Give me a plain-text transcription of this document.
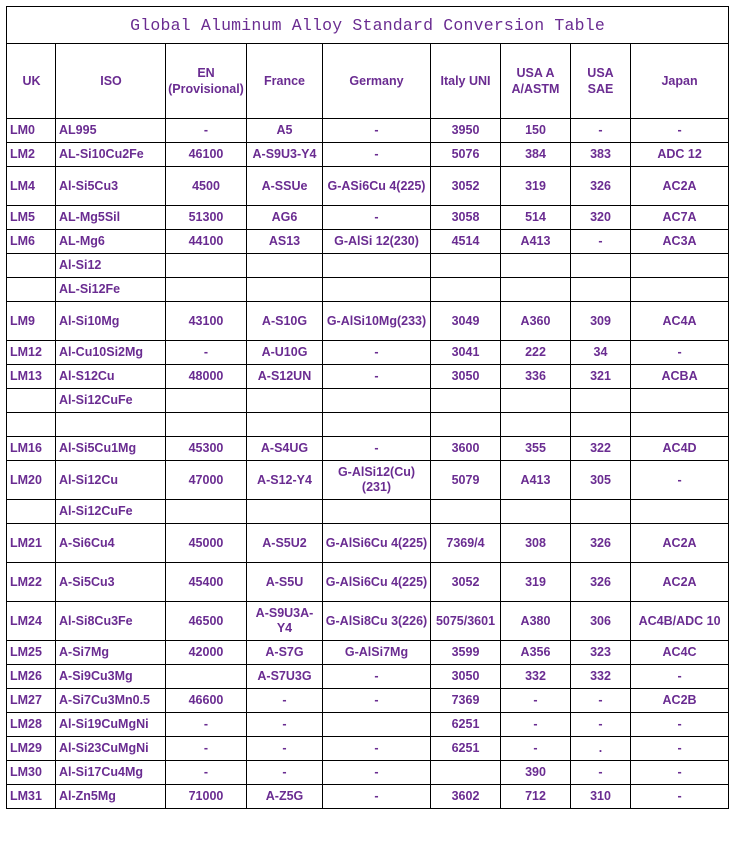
Global Aluminum Alloy Standard Conversion Table								
UK	ISO	EN (Provisional)	France	Germany	Italy UNI	USA A A/ASTM	USA SAE	Japan
LM0	AL995	-	A5	-	3950	150	-	-
LM2	AL-Si10Cu2Fe	46100	A-S9U3-Y4	-	5076	384	383	ADC 12
LM4	Al-Si5Cu3	4500	A-SSUe	G-ASi6Cu 4(225)	3052	319	326	AC2A
LM5	AL-Mg5Sil	51300	AG6	-	3058	514	320	AC7A
LM6	AL-Mg6	44100	AS13	G-AlSi 12(230)	4514	A413	-	AC3A
	Al-Si12							
	AL-Si12Fe							
LM9	Al-Si10Mg	43100	A-S10G	G-AlSi10Mg(233)	3049	A360	309	AC4A
LM12	Al-Cu10Si2Mg	-	A-U10G	-	3041	222	34	-
LM13	Al-S12Cu	48000	A-S12UN	-	3050	336	321	ACBA
	Al-Si12CuFe							

LM16	Al-Si5Cu1Mg	45300	A-S4UG	-	3600	355	322	AC4D
LM20	Al-Si12Cu	47000	A-S12-Y4	G-AlSi12(Cu) (231)	5079	A413	305	-
	Al-Si12CuFe							
LM21	A-Si6Cu4	45000	A-S5U2	G-AlSi6Cu 4(225)	7369/4	308	326	AC2A
LM22	A-Si5Cu3	45400	A-S5U	G-AlSi6Cu 4(225)	3052	319	326	AC2A
LM24	Al-Si8Cu3Fe	46500	A-S9U3A-Y4	G-AlSi8Cu 3(226)	5075/3601	A380	306	AC4B/ADC 10
LM25	A-Si7Mg	42000	A-S7G	G-AlSi7Mg	3599	A356	323	AC4C
LM26	A-Si9Cu3Mg		A-S7U3G	-	3050	332	332	-
LM27	A-Si7Cu3Mn0.5	46600	-	-	7369	-	-	AC2B
LM28	Al-Si19CuMgNi	-	-		6251	-	-	-
LM29	Al-Si23CuMgNi	-	-	-	6251	-	.	-
LM30	Al-Si17Cu4Mg	-	-	-		390	-	-
LM31	Al-Zn5Mg	71000	A-Z5G	-	3602	712	310	-
